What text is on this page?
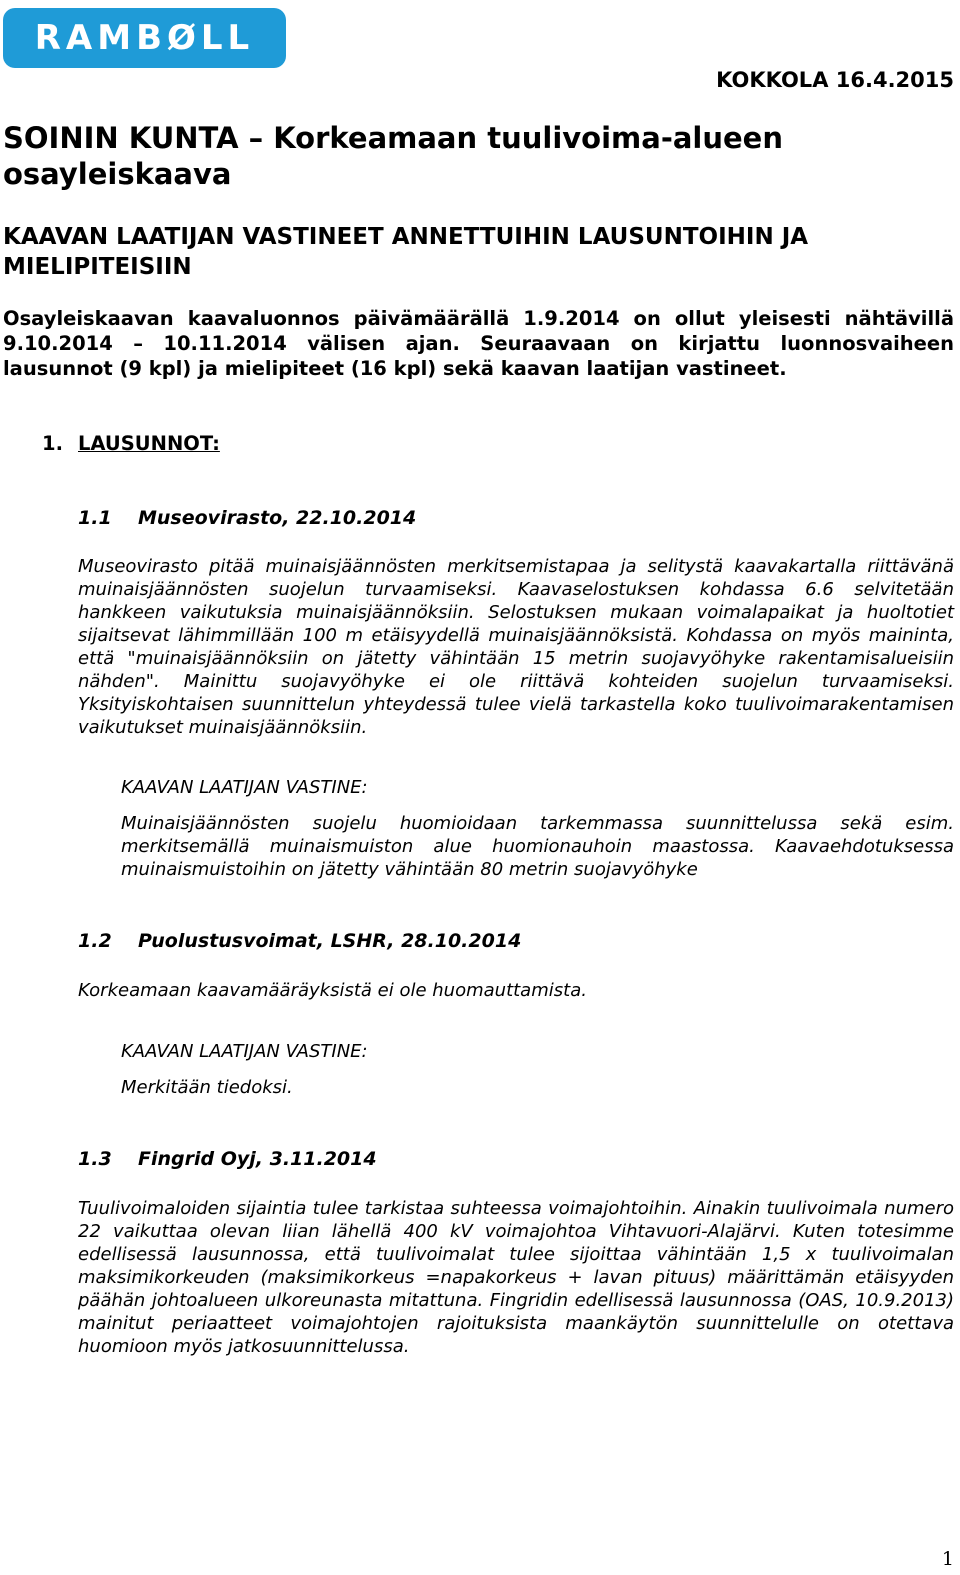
RAMBØLL
KOKKOLA 16.4.2015
SOININ KUNTA – Korkeamaan tuulivoima-alueen osayleiskaava
KAAVAN LAATIJAN VASTINEET ANNETTUIHIN LAUSUNTOIHIN JA MIELIPITEISIIN

Osayleiskaavan kaavaluonnos päivämäärällä 1.9.2014 on ollut yleisesti nähtävillä 9.10.2014 – 10.11.2014 välisen ajan. Seuraavaan on kirjattu luonnosvaiheen lausunnot (9 kpl) ja mielipiteet (16 kpl) sekä kaavan laatijan vastineet.

1. LAUSUNNOT:
1.1 Museovirasto, 22.10.2014

Museovirasto pitää muinaisjäännösten merkitsemistapaa ja selitystä kaavakartalla riittävänä muinaisjäännösten suojelun turvaamiseksi. Kaavaselostuksen kohdassa 6.6 selvitetään hankkeen vaikutuksia muinaisjäännöksiin. Selostuksen mukaan voimalapaikat ja huoltotiet sijaitsevat lähimmillään 100 m etäisyydellä muinaisjäännöksistä. Kohdassa on myös maininta, että "muinaisjäännöksiin on jätetty vähintään 15 metrin suojavyöhyke rakentamisalueisiin nähden". Mainittu suojavyöhyke ei ole riittävä kohteiden suojelun turvaamiseksi. Yksityiskohtaisen suunnittelun yhteydessä tulee vielä tarkastella koko tuulivoimarakentamisen vaikutukset muinaisjäännöksiin.

KAAVAN LAATIJAN VASTINE:

Muinaisjäännösten suojelu huomioidaan tarkemmassa suunnittelussa sekä esim. merkitsemällä muinaismuiston alue huomionauhoin maastossa. Kaavaehdotuksessa muinaismuistoihin on jätetty vähintään 80 metrin suojavyöhyke

1.2 Puolustusvoimat, LSHR, 28.10.2014

Korkeamaan kaavamääräyksistä ei ole huomauttamista.

KAAVAN LAATIJAN VASTINE:

Merkitään tiedoksi.

1.3 Fingrid Oyj, 3.11.2014

Tuulivoimaloiden sijaintia tulee tarkistaa suhteessa voimajohtoihin. Ainakin tuulivoimala numero 22 vaikuttaa olevan liian lähellä 400 kV voimajohtoa Vihtavuori-Alajärvi. Kuten totesimme edellisessä lausunnossa, että tuulivoimalat tulee sijoittaa vähintään 1,5 x tuulivoimalan maksimikorkeuden (maksimikorkeus =napakorkeus + lavan pituus) määrittämän etäisyyden päähän johtoalueen ulkoreunasta mitattuna. Fingridin edellisessä lausunnossa (OAS, 10.9.2013) mainitut periaatteet voimajohtojen rajoituksista maankäytön suunnittelulle on otettava huomioon myös jatkosuunnittelussa.

1
